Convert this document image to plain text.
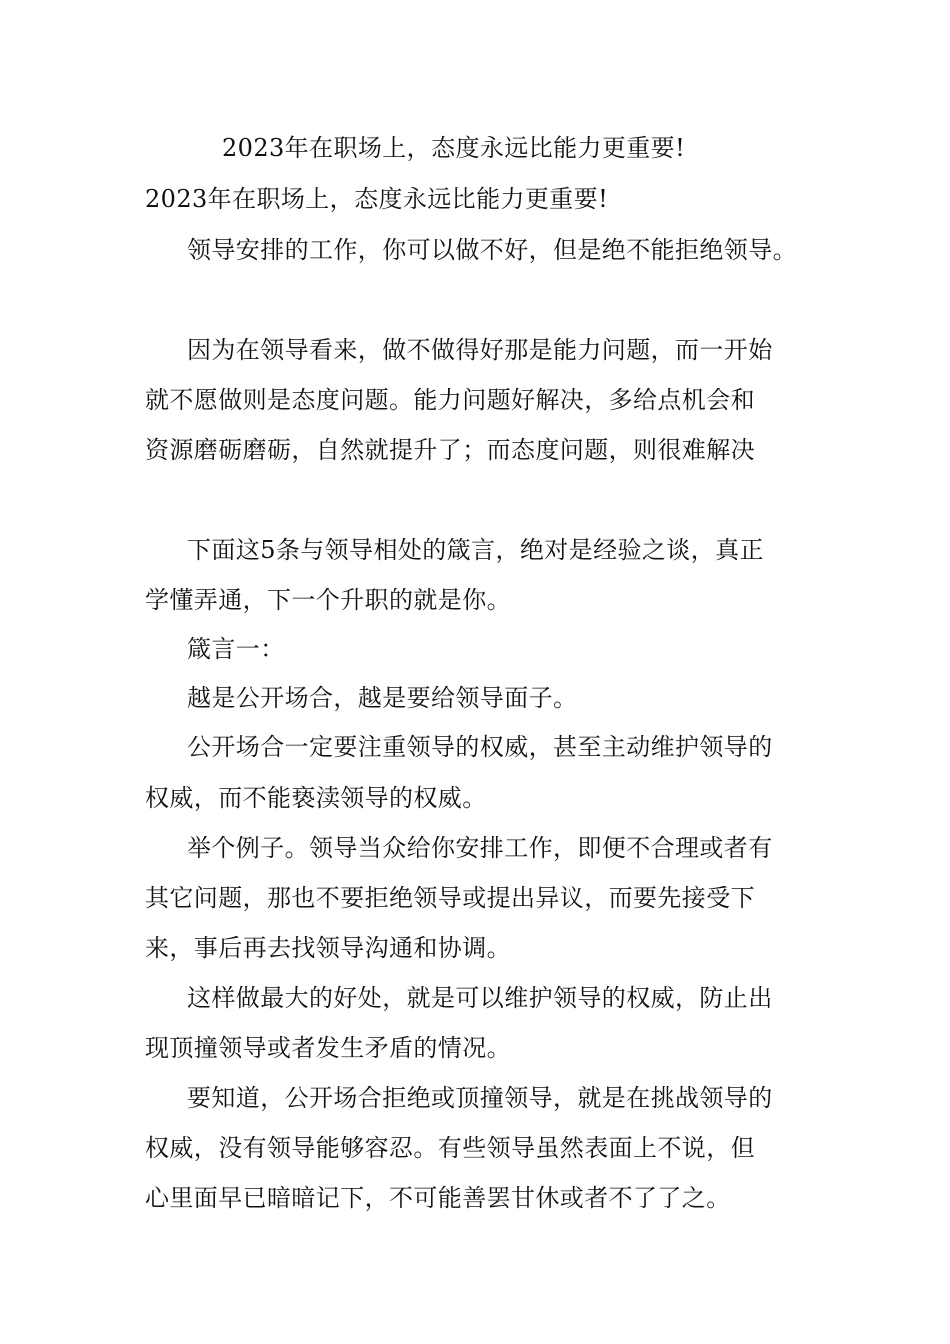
2023年在职场上，态度永远比能力更重要!
2023年在职场上，态度永远比能力更重要!
领导安排的工作，你可以做不好，但是绝不能拒绝领导。
因为在领导看来，做不做得好那是能力问题，而一开始
就不愿做则是态度问题。能力问题好解决，多给点机会和
资源磨砺磨砺，自然就提升了；而态度问题，则很难解决
下面这5条与领导相处的箴言，绝对是经验之谈，真正
学懂弄通，下一个升职的就是你。
箴言一：
越是公开场合，越是要给领导面子。
公开场合一定要注重领导的权威，甚至主动维护领导的
权威，而不能亵渎领导的权威。
举个例子。领导当众给你安排工作，即便不合理或者有
其它问题，那也不要拒绝领导或提出异议，而要先接受下
来，事后再去找领导沟通和协调。
这样做最大的好处，就是可以维护领导的权威，防止出
现顶撞领导或者发生矛盾的情况。
要知道，公开场合拒绝或顶撞领导，就是在挑战领导的
权威，没有领导能够容忍。有些领导虽然表面上不说，但
心里面早已暗暗记下，不可能善罢甘休或者不了了之。
